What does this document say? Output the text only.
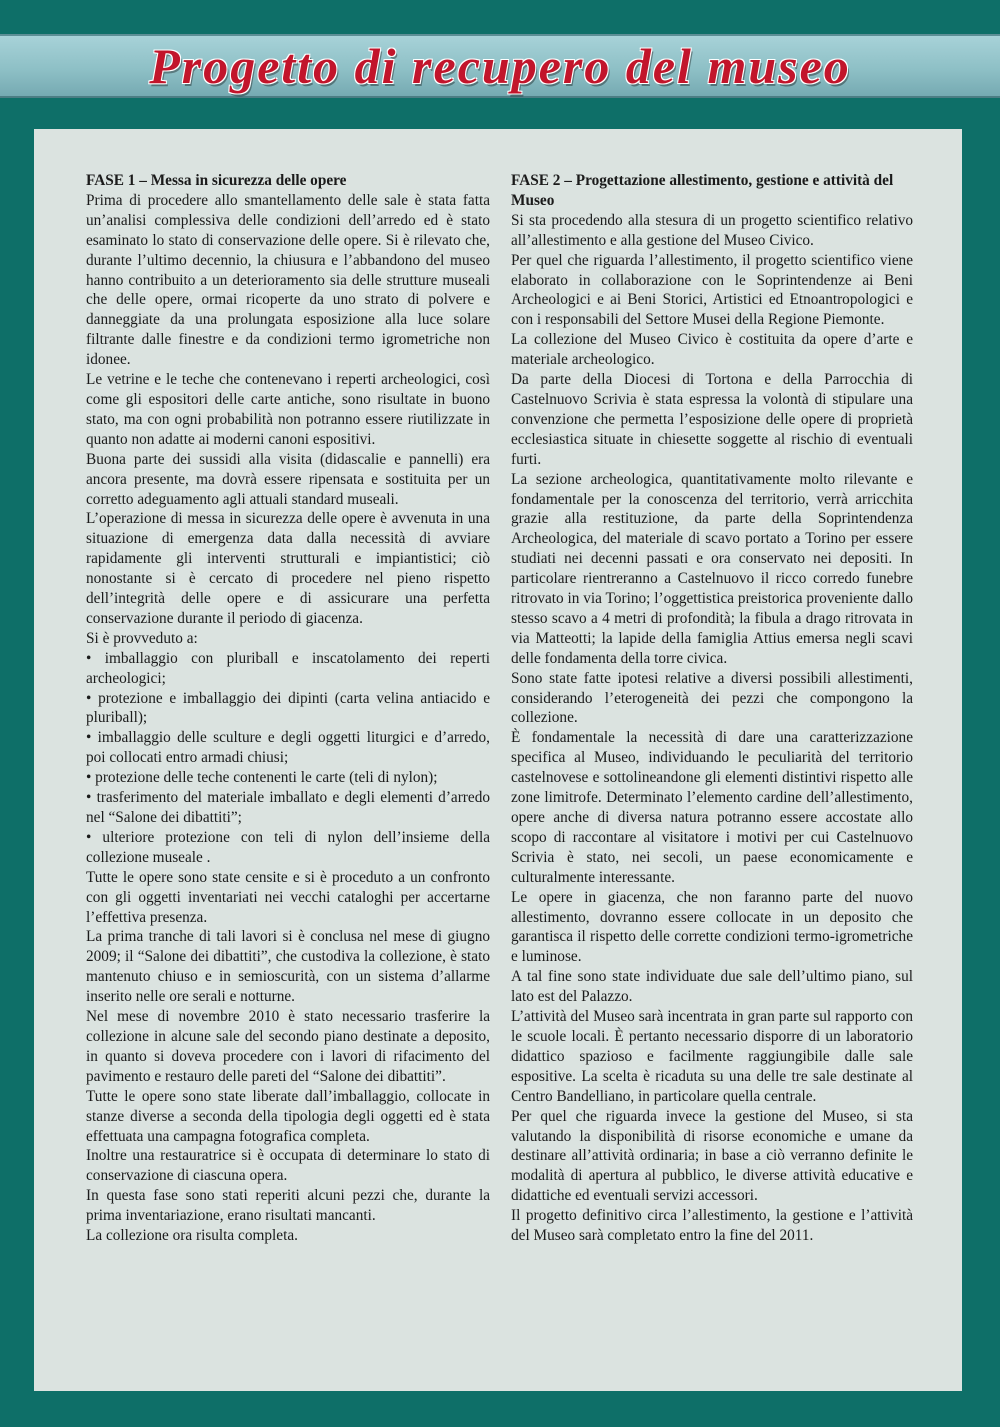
Progetto di recupero del museo
FASE 1 – Messa in sicurezza delle opere

Prima di procedere allo smantellamento delle sale è stata fatta un’analisi complessiva delle condizioni dell’arredo ed è stato esaminato lo stato di conservazione delle opere. Si è rilevato che, durante l’ultimo decennio, la chiusura e l’abbandono del museo hanno contribuito a un deterioramento sia delle strutture museali che delle opere, ormai ricoperte da uno strato di polvere e danneggiate da una prolungata esposizione alla luce solare filtrante dalle finestre e da condizioni termo igrometriche non idonee.

Le vetrine e le teche che contenevano i reperti archeologici, così come gli espositori delle carte antiche, sono risultate in buono stato, ma con ogni probabilità non potranno essere riutilizzate in quanto non adatte ai moderni canoni espositivi.

Buona parte dei sussidi alla visita (didascalie e pannelli) era ancora presente, ma dovrà essere ripensata e sostituita per un corretto adeguamento agli attuali standard museali.

L’operazione di messa in sicurezza delle opere è avvenuta in una situazione di emergenza data dalla necessità di avviare rapidamente gli interventi strutturali e impiantistici; ciò nonostante si è cercato di procedere nel pieno rispetto dell’integrità delle opere e di assicurare una perfetta conservazione durante il periodo di giacenza.

Si è provveduto a:

• imballaggio con pluriball e inscatolamento dei reperti archeologici;

• protezione e imballaggio dei dipinti (carta velina antiacido e pluriball);

• imballaggio delle sculture e degli oggetti liturgici e d’arredo, poi collocati entro armadi chiusi;

• protezione delle teche contenenti le carte (teli di nylon);

• trasferimento del materiale imballato e degli elementi d’arredo nel “Salone dei dibattiti”;

• ulteriore protezione con teli di nylon dell’insieme della collezione museale .

Tutte le opere sono state censite e si è proceduto a un confronto con gli oggetti inventariati nei vecchi cataloghi per accertarne l’effettiva presenza.

La prima tranche di tali lavori si è conclusa nel mese di giugno 2009; il “Salone dei dibattiti”, che custodiva la collezione, è stato mantenuto chiuso e in semioscurità, con un sistema d’allarme inserito nelle ore serali e notturne.

Nel mese di novembre 2010 è stato necessario trasferire la collezione in alcune sale del secondo piano destinate a deposito, in quanto si doveva procedere con i lavori di rifacimento del pavimento e restauro delle pareti del “Salone dei dibattiti”.

Tutte le opere sono state liberate dall’imballaggio, collocate in stanze diverse a seconda della tipologia degli oggetti ed è stata effettuata una campagna fotografica completa.

Inoltre una restauratrice si è occupata di determinare lo stato di conservazione di ciascuna opera.

In questa fase sono stati reperiti alcuni pezzi che, durante la prima inventariazione, erano risultati mancanti.

La collezione ora risulta completa.

FASE 2 – Progettazione allestimento, gestione e attività del Museo

Si sta procedendo alla stesura di un progetto scientifico relativo all’allestimento e alla gestione del Museo Civico.

Per quel che riguarda l’allestimento, il progetto scientifico viene elaborato in collaborazione con le Soprintendenze ai Beni Archeologici e ai Beni Storici, Artistici ed Etnoantropologici e con i responsabili del Settore Musei della Regione Piemonte.

La collezione del Museo Civico è costituita da opere d’arte e materiale archeologico.

Da parte della Diocesi di Tortona e della Parrocchia di Castelnuovo Scrivia è stata espressa la volontà di stipulare una convenzione che permetta l’esposizione delle opere di proprietà ecclesiastica situate in chiesette soggette al rischio di eventuali furti.

La sezione archeologica, quantitativamente molto rilevante e fondamentale per la conoscenza del territorio, verrà arricchita grazie alla restituzione, da parte della Soprintendenza Archeologica, del materiale di scavo portato a Torino per essere studiati nei decenni passati e ora conservato nei depositi. In particolare rientreranno a Castelnuovo il ricco corredo funebre ritrovato in via Torino; l’oggettistica preistorica proveniente dallo stesso scavo a 4 metri di profondità; la fibula a drago ritrovata in via Matteotti; la lapide della famiglia Attius emersa negli scavi delle fondamenta della torre civica.

Sono state fatte ipotesi relative a diversi possibili allestimenti, considerando l’eterogeneità dei pezzi che compongono la collezione.

È fondamentale la necessità di dare una caratterizzazione specifica al Museo, individuando le peculiarità del territorio castelnovese e sottolineandone gli elementi distintivi rispetto alle zone limitrofe. Determinato l’elemento cardine dell’allestimento, opere anche di diversa natura potranno essere accostate allo scopo di raccontare al visitatore i motivi per cui Castelnuovo Scrivia è stato, nei secoli, un paese economicamente e culturalmente interessante.

Le opere in giacenza, che non faranno parte del nuovo allestimento, dovranno essere collocate in un deposito che garantisca il rispetto delle corrette condizioni termo-igrometriche e luminose.

A tal fine sono state individuate due sale dell’ultimo piano, sul lato est del Palazzo.

L’attività del Museo sarà incentrata in gran parte sul rapporto con le scuole locali. È pertanto necessario disporre di un laboratorio didattico spazioso e facilmente raggiungibile dalle sale espositive. La scelta è ricaduta su una delle tre sale destinate al Centro Bandelliano, in particolare quella centrale.

Per quel che riguarda invece la gestione del Museo, si sta valutando la disponibilità di risorse economiche e umane da destinare all’attività ordinaria; in base a ciò verranno definite le modalità di apertura al pubblico, le diverse attività educative e didattiche ed eventuali servizi accessori.

Il progetto definitivo circa l’allestimento, la gestione e l’attività del Museo sarà completato entro la fine del 2011.
